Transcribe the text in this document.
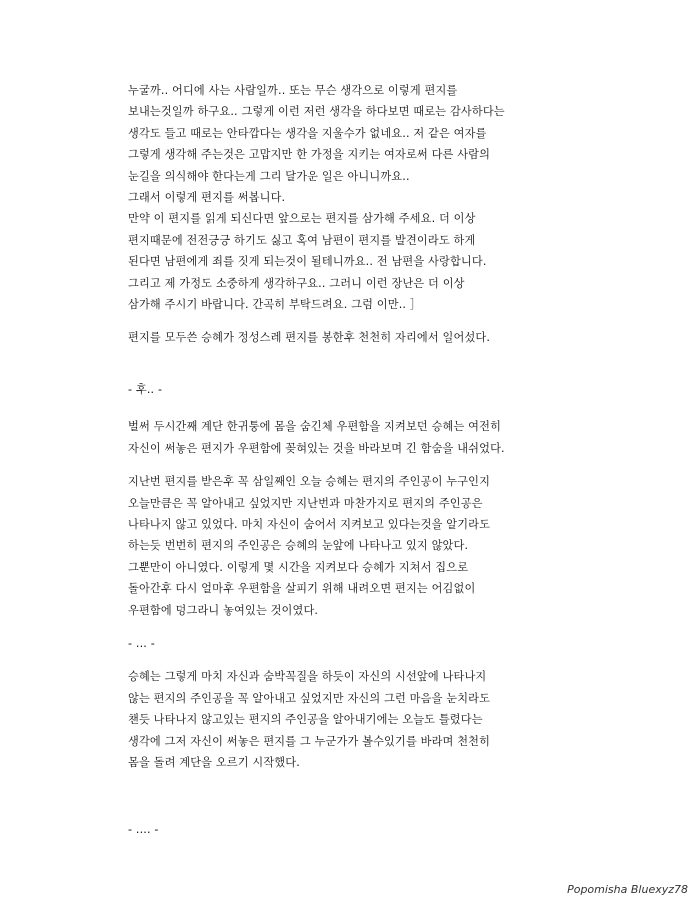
누굴까.. 어디에 사는 사람일까.. 또는 무슨 생각으로 이렇게 편지를
보내는것일까 하구요.. 그렇게 이런 저런 생각을 하다보면 때로는 감사하다는
생각도 들고 때로는 안타깝다는 생각을 지울수가 없네요.. 저 같은 여자를
그렇게 생각해 주는것은 고맙지만 한 가정을 지키는 여자로써 다른 사람의
눈길을 의식해야 한다는게 그리 달가운 일은 아니니까요..
그래서 이렇게 편지를 써봅니다.
만약 이 편지를 읽게 되신다면 앞으로는 편지를 삼가해 주세요. 더 이상
편지때문에 전전긍긍 하기도 싫고 혹여 남편이 편지를 발견이라도 하게
된다면 남편에게 죄를 짓게 되는것이 될테니까요.. 전 남편을 사랑합니다.
그리고 제 가정도 소중하게 생각하구요.. 그러니 이런 장난은 더 이상
삼가해 주시기 바랍니다. 간곡히 부탁드려요. 그럼 이만.. ］

편지를 모두쓴 승혜가 정성스레 편지를 봉한후 천천히 자리에서 일어섰다.

- 후.. -

벌써 두시간째 계단 한귀퉁에 몸을 숨긴체 우편함을 지켜보던 승혜는 여전히
자신이 써놓은 편지가 우편함에 꽂혀있는 것을 바라보며 긴 함숨을 내쉬었다.

지난번 편지를 받은후 꼭 삼일째인 오늘 승혜는 편지의 주인공이 누구인지
오늘만큼은 꼭 알아내고 싶었지만 지난번과 마찬가지로 편지의 주인공은
나타나지 않고 있었다. 마치 자신이 숨어서 지켜보고 있다는것을 알기라도
하는듯 번번히 편지의 주인공은 승혜의 눈앞에 나타나고 있지 않았다.
그뿐만이 아니였다. 이렇게 몇 시간을 지켜보다 승혜가 지쳐서 집으로
돌아간후 다시 얼마후 우편함을 살피기 위해 내려오면 편지는 어김없이
우편함에 덩그라니 놓여있는 것이였다.

- ... -

승혜는 그렇게 마치 자신과 숨박꼭질을 하듯이 자신의 시선앞에 나타나지
않는 편지의 주인공을 꼭 알아내고 싶었지만 자신의 그런 마음을 눈치라도
챈듯 나타나지 않고있는 편지의 주인공을 알아내기에는 오늘도 틀렸다는
생각에 그저 자신이 써놓은 편지를 그 누군가가 볼수있기를 바라며 천천히
몸을 돌려 계단을 오르기 시작했다.

- .... -

Popomisha Bluexyz78
